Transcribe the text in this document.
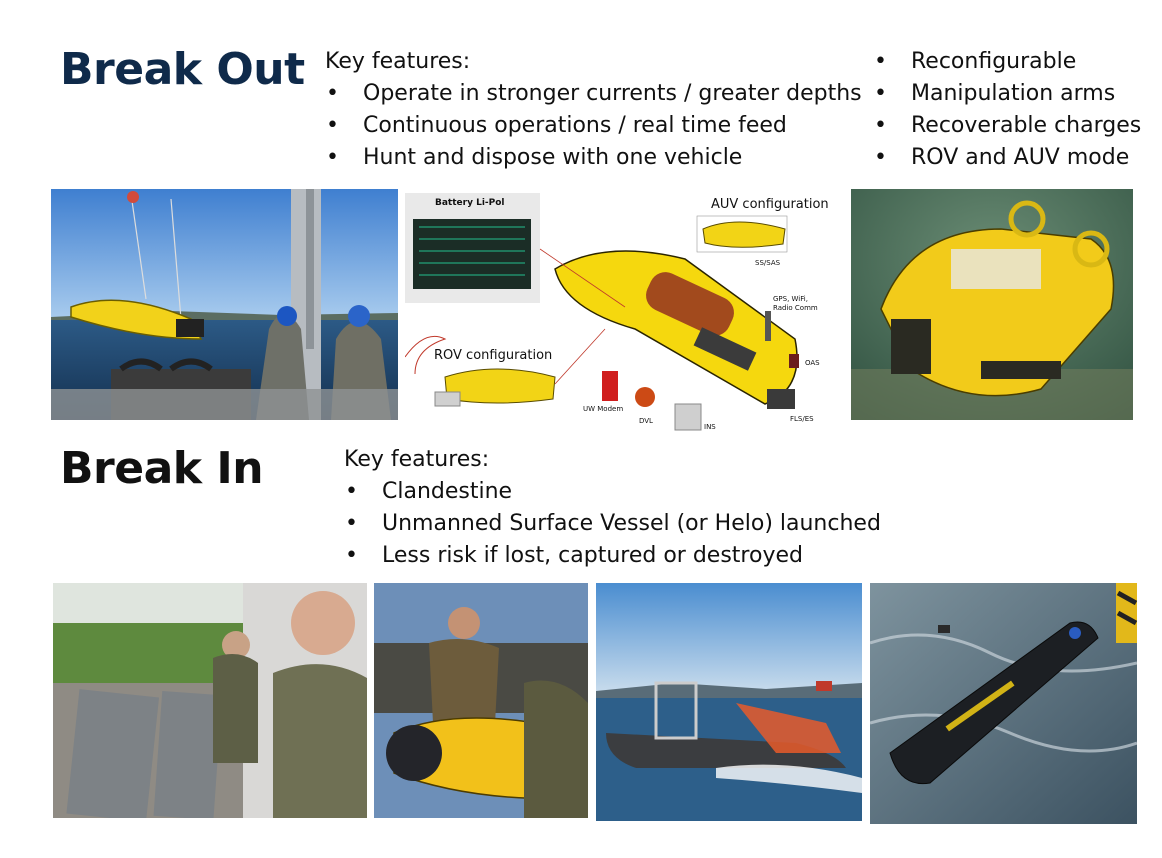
Break Out
Break In
Key features:
• Operate in stronger currents / greater depths
• Continuous operations / real time feed
• Hunt and dispose with one vehicle
• Reconfigurable
• Manipulation arms
• Recoverable charges
• ROV and AUV mode
Key features:
• Clandestine
• Unmanned Surface Vessel (or Helo) launched
• Less risk if lost, captured or destroyed
Battery Li-Pol	AUV configuration
SS/SAS
GPS, WiFi,
Radio Comm
OAS
FLS/ES
ROV configuration
UW Modem
DVL
INS
